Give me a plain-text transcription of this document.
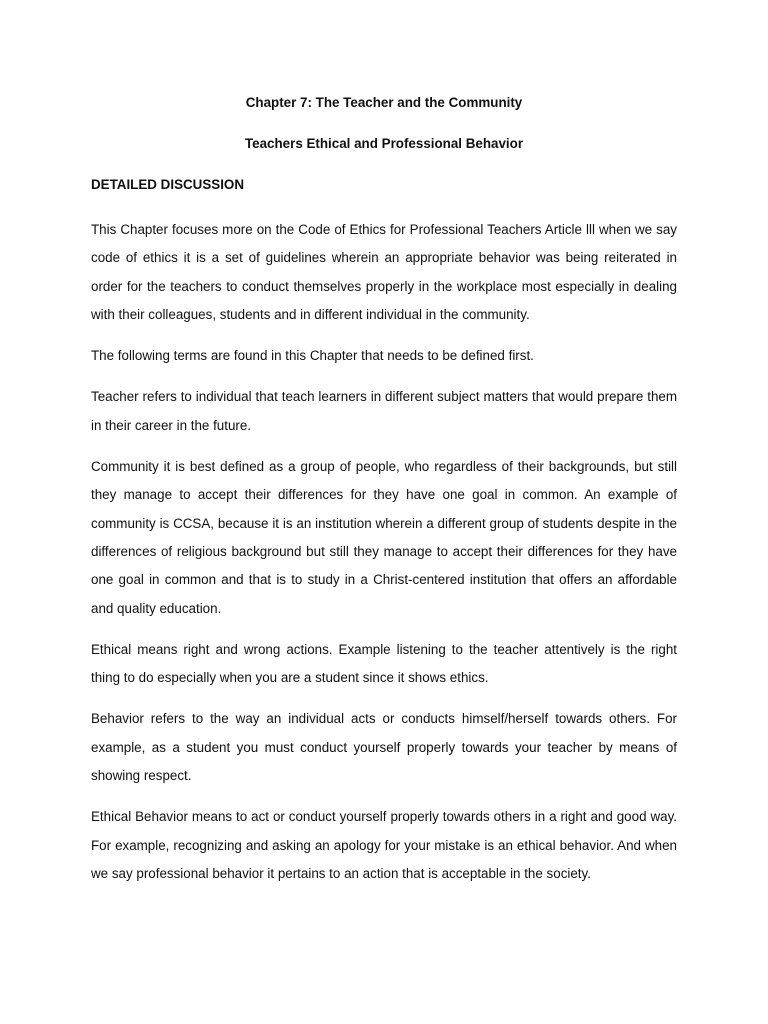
Chapter 7: The Teacher and the Community

Teachers Ethical and Professional Behavior

DETAILED DISCUSSION

This Chapter focuses more on the Code of Ethics for Professional Teachers Article lll when we say code of ethics it is a set of guidelines wherein an appropriate behavior was being reiterated in order for the teachers to conduct themselves properly in the workplace most especially in dealing with their colleagues, students and in different individual in the community.

The following terms are found in this Chapter that needs to be defined first.

Teacher refers to individual that teach learners in different subject matters that would prepare them in their career in the future.

Community it is best defined as a group of people, who regardless of their backgrounds, but still they manage to accept their differences for they have one goal in common. An example of community is CCSA, because it is an institution wherein a different group of students despite in the differences of religious background but still they manage to accept their differences for they have one goal in common and that is to study in a Christ-centered institution that offers an affordable and quality education.

Ethical means right and wrong actions. Example listening to the teacher attentively is the right thing to do especially when you are a student since it shows ethics.

Behavior refers to the way an individual acts or conducts himself/herself towards others. For example, as a student you must conduct yourself properly towards your teacher by means of showing respect.

Ethical Behavior means to act or conduct yourself properly towards others in a right and good way. For example, recognizing and asking an apology for your mistake is an ethical behavior. And when we say professional behavior it pertains to an action that is acceptable in the society.
